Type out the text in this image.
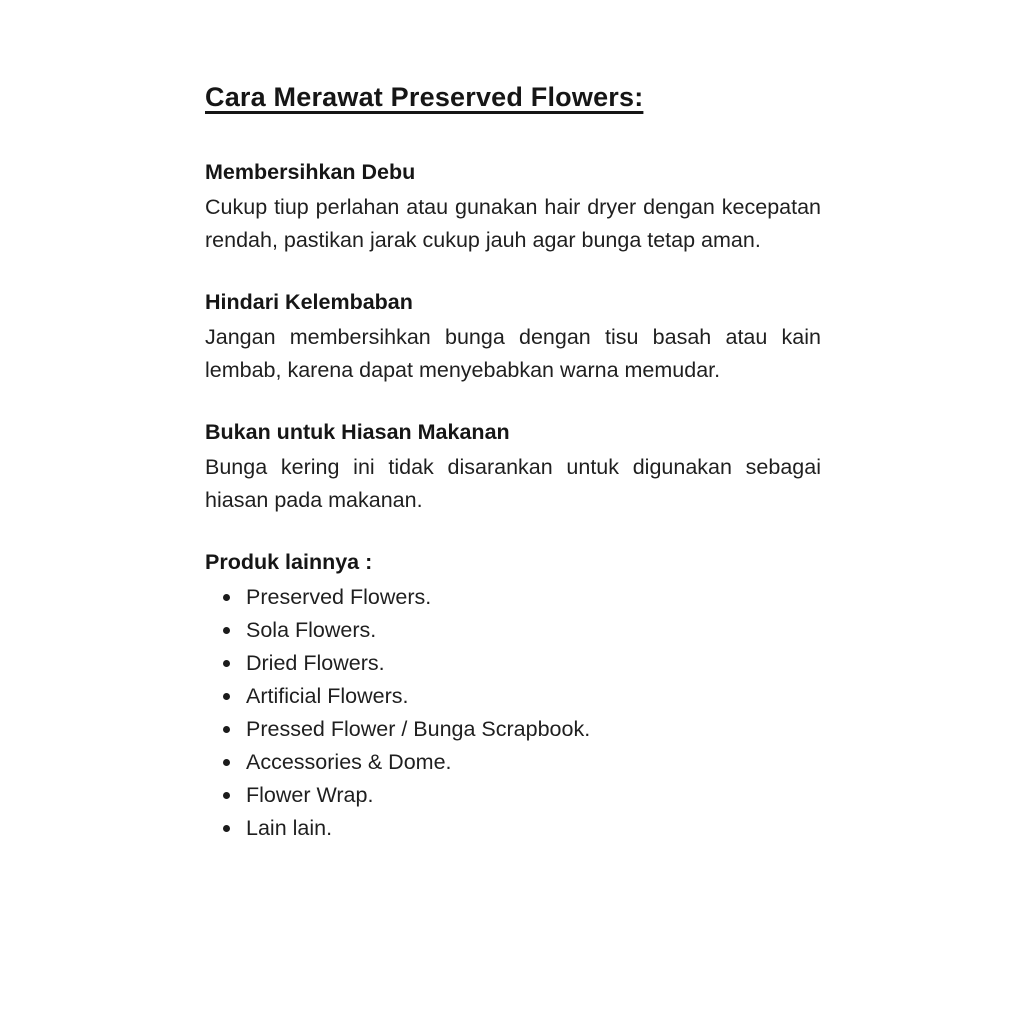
Cara Merawat Preserved Flowers:
Membersihkan Debu

Cukup tiup perlahan atau gunakan hair dryer dengan kecepatan rendah, pastikan jarak cukup jauh agar bunga tetap aman.

Hindari Kelembaban

Jangan membersihkan bunga dengan tisu basah atau kain lembab, karena dapat menyebabkan warna memudar.

Bukan untuk Hiasan Makanan

Bunga kering ini tidak disarankan untuk digunakan sebagai hiasan pada makanan.

Produk lainnya :
Preserved Flowers.
Sola Flowers.
Dried Flowers.
Artificial Flowers.
Pressed Flower / Bunga Scrapbook.
Accessories & Dome.
Flower Wrap.
Lain lain.
